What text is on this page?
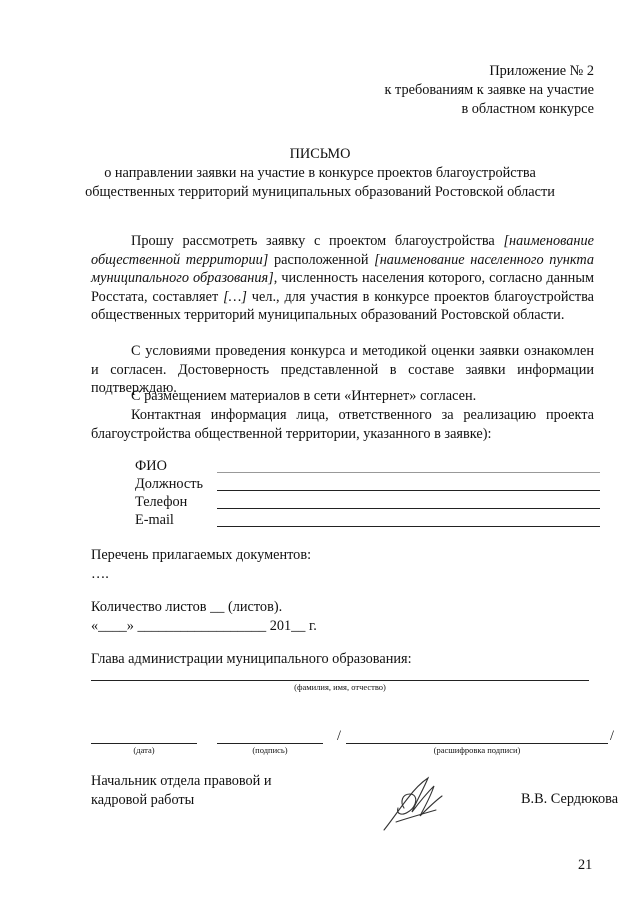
Приложение № 2
к требованиям к заявке на участие
в областном конкурсе
ПИСЬМО
о направлении заявки на участие в конкурсе проектов благоустройства
общественных территорий муниципальных образований Ростовской области
Прошу рассмотреть заявку с проектом благоустройства [наименование общественной территории] расположенной [наименование населенного пункта муниципального образования], численность населения которого, согласно данным Росстата, составляет […] чел., для участия в конкурсе проектов благоустройства общественных территорий муниципальных образований Ростовской области.
С условиями проведения конкурса и методикой оценки заявки ознакомлен и согласен. Достоверность представленной в составе заявки информации подтверждаю.
С размещением материалов в сети «Интернет» согласен.
Контактная информация лица, ответственного за реализацию проекта благоустройства общественной территории, указанного в заявке):
ФИО
Должность
Телефон
E-mail
Перечень прилагаемых документов:
….
Количество листов __ (листов).
«____» __________________ 201__ г.
Глава администрации муниципального образования:
(фамилия, имя, отчество)
(дата)	(подпись)
/
(расшифровка подписи)
/
Начальник отдела правовой и
кадровой работы	В.В. Сердюкова
21
